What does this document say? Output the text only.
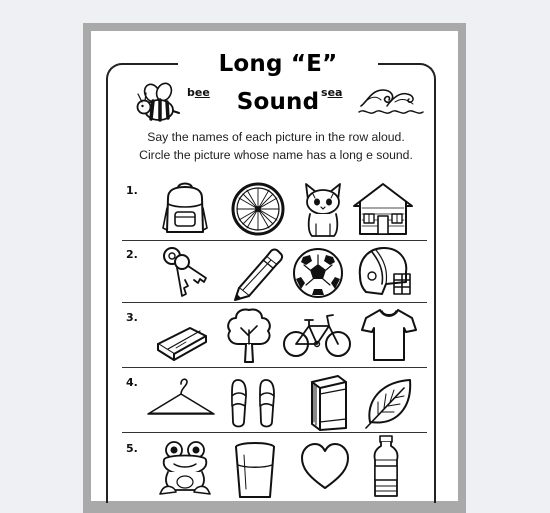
Long “E” Sound
bee	sea
Say the names of each picture in the row aloud.
Circle the picture whose name has a long e sound.
1.
2.
3.
4.
5.
